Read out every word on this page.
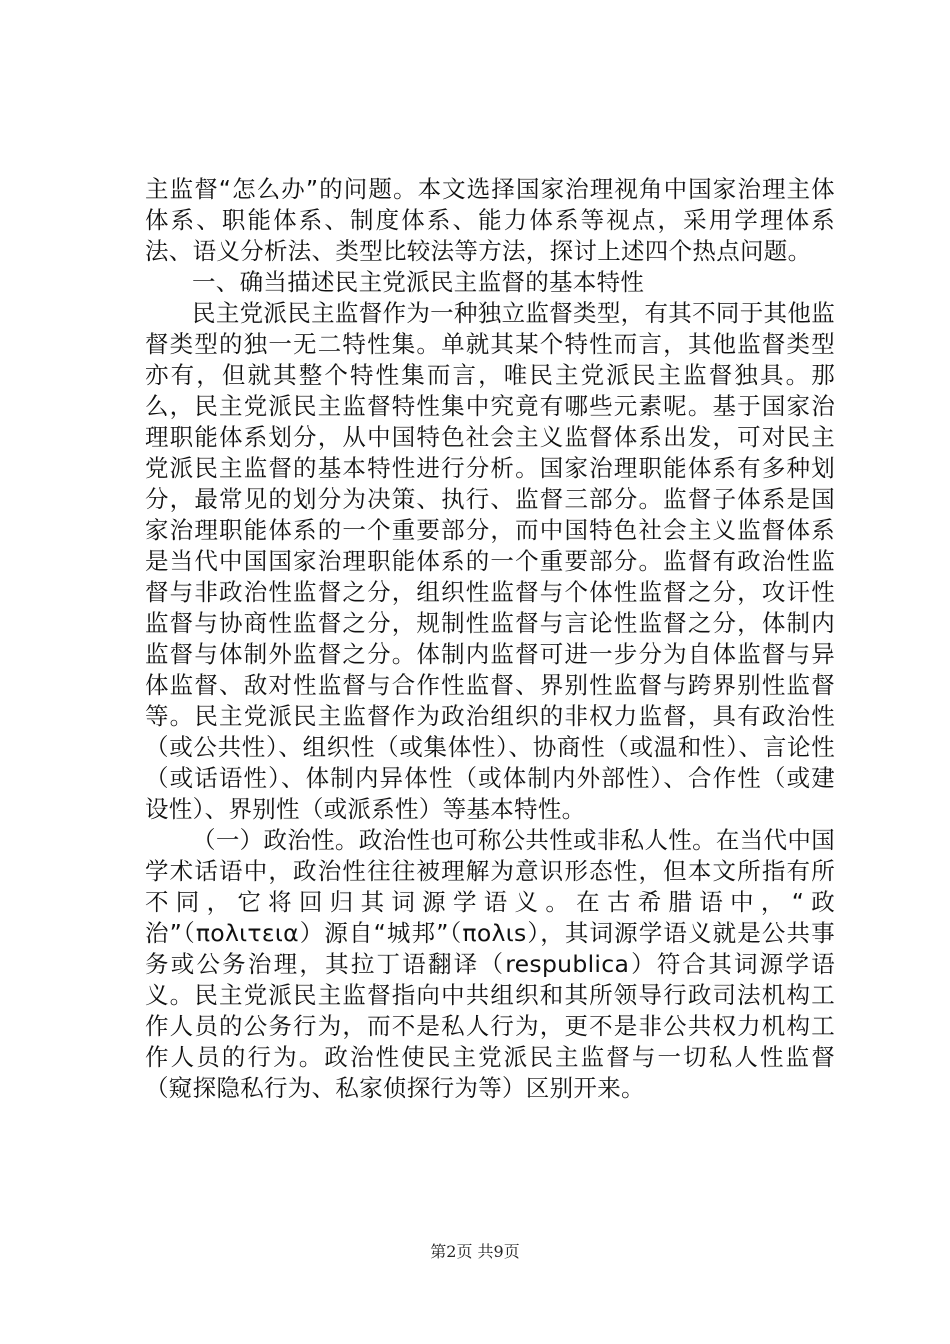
主监督“怎么办”的问题。本文选择国家治理视角中国家治理主体体系、职能体系、制度体系、能力体系等视点，采用学理体系法、语义分析法、类型比较法等方法，探讨上述四个热点问题。

一、确当描述民主党派民主监督的基本特性

民主党派民主监督作为一种独立监督类型，有其不同于其他监督类型的独一无二特性集。单就其某个特性而言，其他监督类型亦有，但就其整个特性集而言，唯民主党派民主监督独具。那么，民主党派民主监督特性集中究竟有哪些元素呢。基于国家治理职能体系划分，从中国特色社会主义监督体系出发，可对民主党派民主监督的基本特性进行分析。国家治理职能体系有多种划分，最常见的划分为决策、执行、监督三部分。监督子体系是国家治理职能体系的一个重要部分，而中国特色社会主义监督体系是当代中国国家治理职能体系的一个重要部分。监督有政治性监督与非政治性监督之分，组织性监督与个体性监督之分，攻讦性监督与协商性监督之分，规制性监督与言论性监督之分，体制内监督与体制外监督之分。体制内监督可进一步分为自体监督与异体监督、敌对性监督与合作性监督、界别性监督与跨界别性监督等。民主党派民主监督作为政治组织的非权力监督，具有政治性（或公共性）、组织性（或集体性）、协商性（或温和性）、言论性（或话语性）、体制内异体性（或体制内外部性）、合作性（或建设性）、界别性（或派系性）等基本特性。

（一）政治性。政治性也可称公共性或非私人性。在当代中国学术话语中，政治性往往被理解为意识形态性，但本文所指有所不同，它将回归其词源学语义。在古希腊语中，“政治”（πολιτεια）源自“城邦”（πολιs），其词源学语义就是公共事务或公务治理，其拉丁语翻译（respublica）符合其词源学语义。民主党派民主监督指向中共组织和其所领导行政司法机构工作人员的公务行为，而不是私人行为，更不是非公共权力机构工作人员的行为。政治性使民主党派民主监督与一切私人性监督（窥探隐私行为、私家侦探行为等）区别开来。

第2页 共9页
